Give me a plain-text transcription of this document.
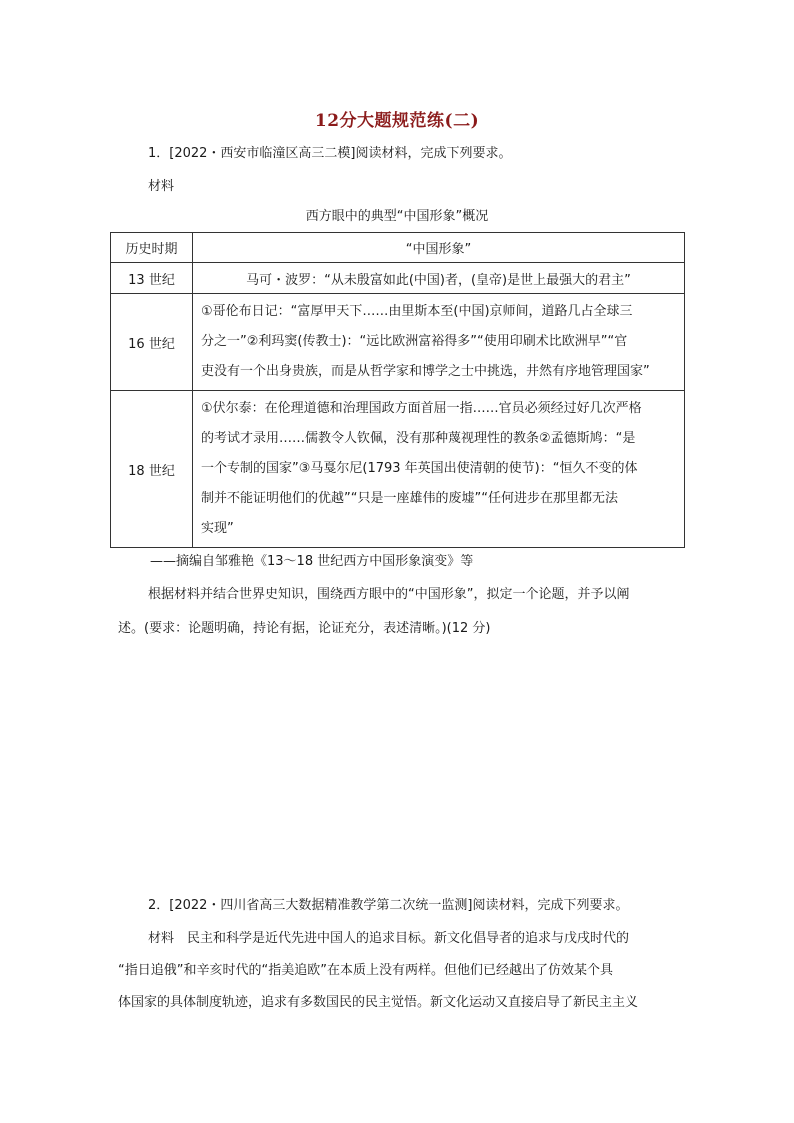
12分大题规范练(二)
1．[2022・西安市临潼区高三二模]阅读材料，完成下列要求。
材料
西方眼中的典型“中国形象”概况
历史时期	“中国形象”
13 世纪	马可・波罗：“从未殷富如此(中国)者，(皇帝)是世上最强大的君主”
16 世纪	①哥伦布日记：“富厚甲天下……由里斯本至(中国)京师间，道路几占全球三
分之一”②利玛窦(传教士)：“远比欧洲富裕得多”“使用印刷术比欧洲早”“官
吏没有一个出身贵族，而是从哲学家和博学之士中挑选，井然有序地管理国家”

18 世纪	①伏尔泰：在伦理道德和治理国政方面首屈一指……官员必须经过好几次严格
的考试才录用……儒教令人钦佩，没有那种蔑视理性的教条②孟德斯鸠：“是
一个专制的国家”③马戛尔尼(1793 年英国出使清朝的使节)：“恒久不变的体
制并不能证明他们的优越”“只是一座雄伟的废墟”“任何进步在那里都无法
实现”
——摘编自邹雅艳《13～18 世纪西方中国形象演变》等
根据材料并结合世界史知识，围绕西方眼中的“中国形象”，拟定一个论题，并予以阐
述。(要求：论题明确，持论有据，论证充分，表述清晰。)(12 分)
2．[2022・四川省高三大数据精准教学第二次统一监测]阅读材料，完成下列要求。
材料　民主和科学是近代先进中国人的追求目标。新文化倡导者的追求与戊戌时代的
“指日追俄”和辛亥时代的“指美追欧”在本质上没有两样。但他们已经越出了仿效某个具
体国家的具体制度轨迹，追求有多数国民的民主觉悟。新文化运动又直接启导了新民主主义
